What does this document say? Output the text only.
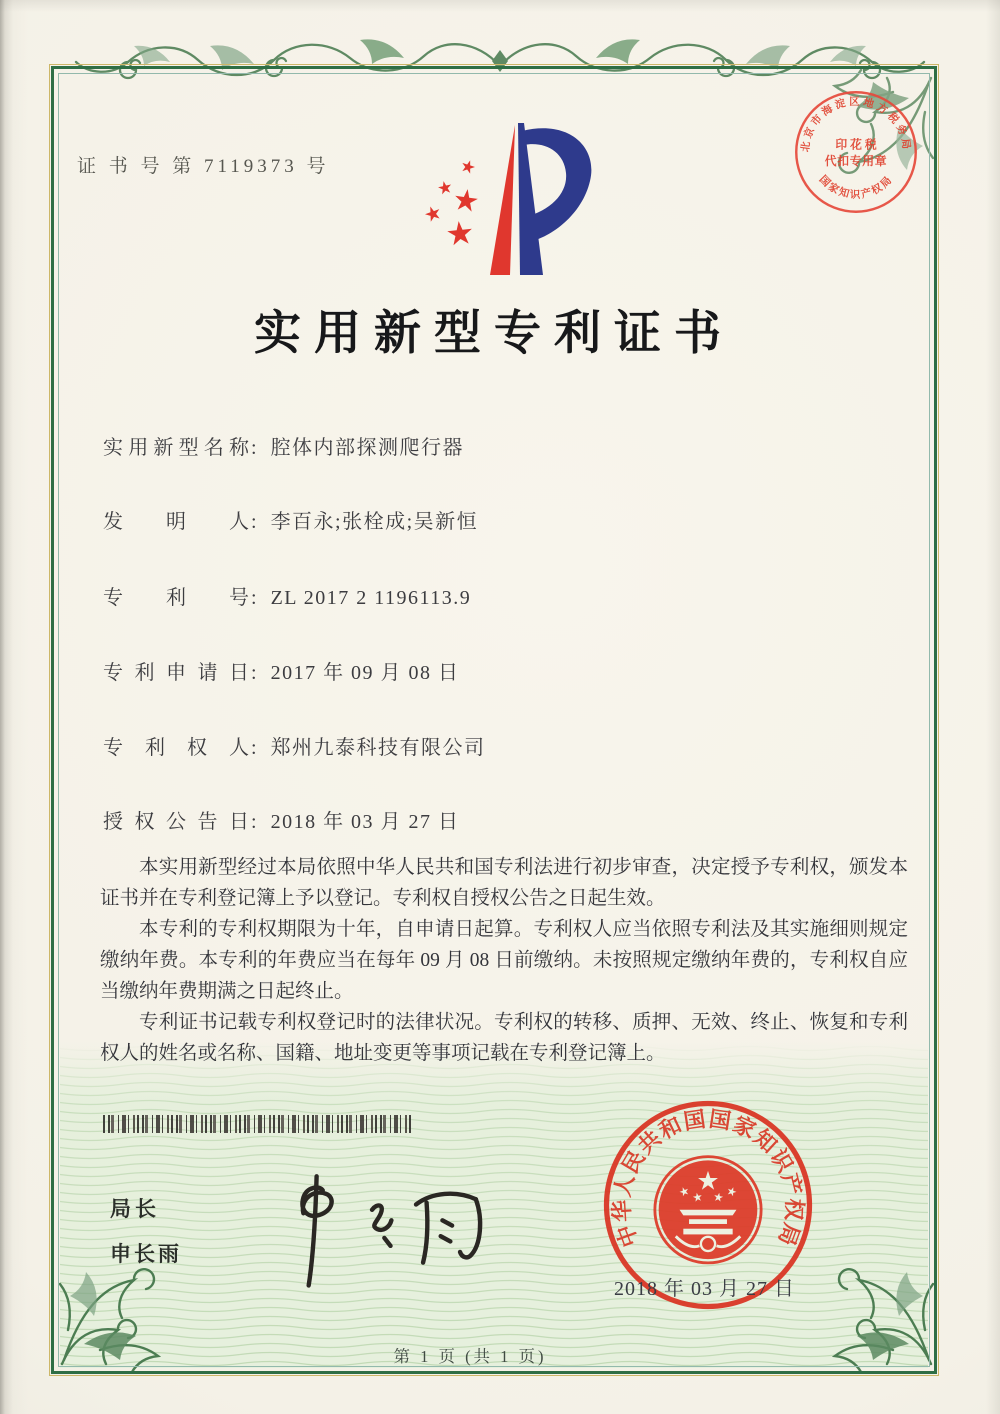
证 书 号 第 7119373 号
北京市海淀区地方税务局
国家知识产权局
印 花 税
代扣专用章
实用新型专利证书
实用新型名称 : 腔体内部探测爬行器
发明人 : 李百永;张栓成;吴新恒
专利号 : ZL 2017 2 1196113.9
专利申请日 : 2017 年 09 月 08 日
专利权人 : 郑州九泰科技有限公司
授权公告日 : 2018 年 03 月 27 日

本实用新型经过本局依照中华人民共和国专利法进行初步审查，决定授予专利权，颁发本证书并在专利登记簿上予以登记。专利权自授权公告之日起生效。

本专利的专利权期限为十年，自申请日起算。专利权人应当依照专利法及其实施细则规定缴纳年费。本专利的年费应当在每年 09 月 08 日前缴纳。未按照规定缴纳年费的，专利权自应当缴纳年费期满之日起终止。

专利证书记载专利权登记时的法律状况。专利权的转移、质押、无效、终止、恢复和专利权人的姓名或名称、国籍、地址变更等事项记载在专利登记簿上。

局长
申长雨
中华人民共和国国家知识产权局
2018 年 03 月 27 日
第 1 页 (共 1 页)
